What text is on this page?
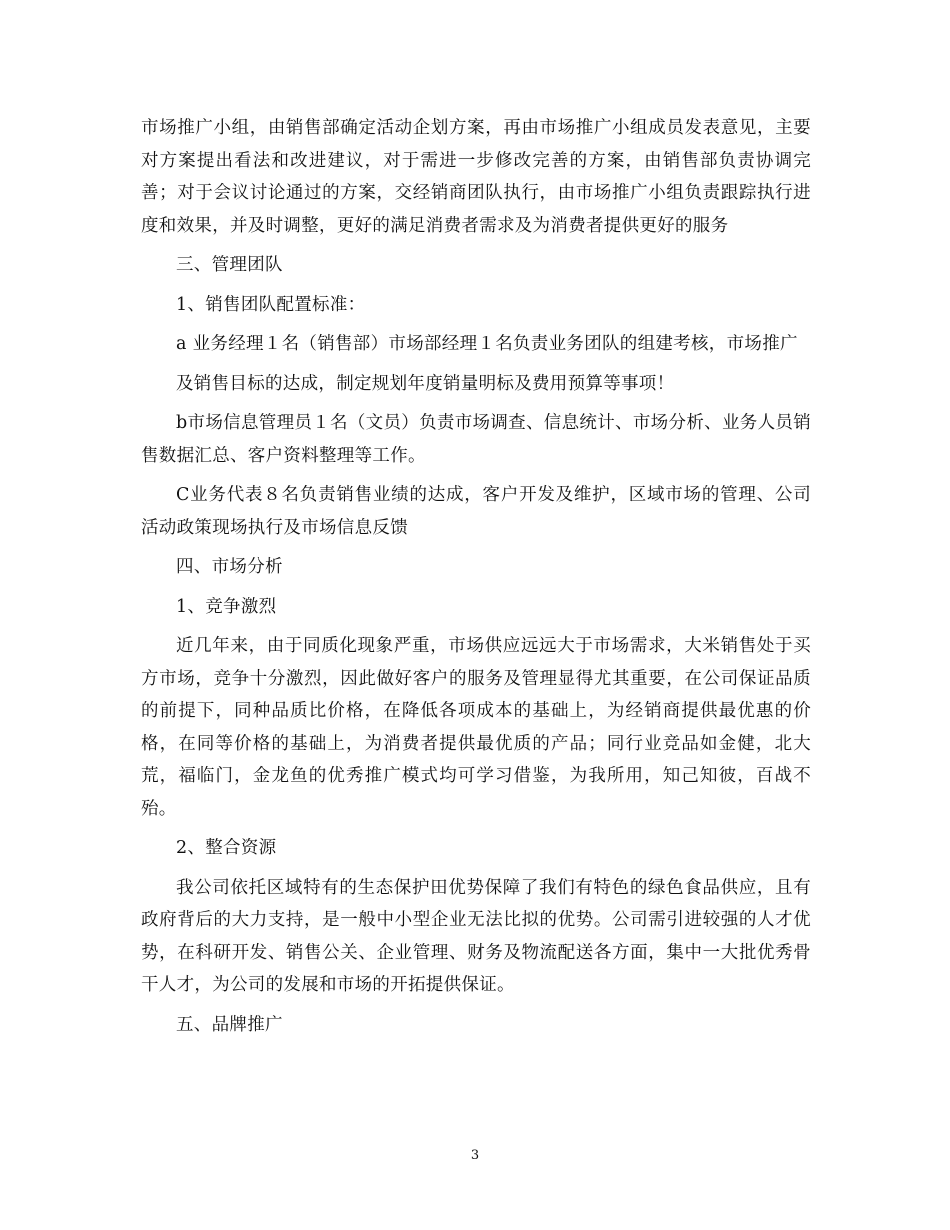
市场推广小组，由销售部确定活动企划方案，再由市场推广小组成员发表意见，主要对方案提出看法和改进建议，对于需进一步修改完善的方案，由销售部负责协调完善；对于会议讨论通过的方案，交经销商团队执行，由市场推广小组负责跟踪执行进度和效果，并及时调整，更好的满足消费者需求及为消费者提供更好的服务

三、管理团队

1、销售团队配置标准：

a 业务经理１名（销售部）市场部经理１名负责业务团队的组建考核，市场推广

及销售目标的达成，制定规划年度销量明标及费用预算等事项！

b市场信息管理员１名（文员）负责市场调查、信息统计、市场分析、业务人员销售数据汇总、客户资料整理等工作。

C业务代表８名负责销售业绩的达成，客户开发及维护，区域市场的管理、公司活动政策现场执行及市场信息反馈

四、市场分析

1、竞争激烈

近几年来，由于同质化现象严重，市场供应远远大于市场需求，大米销售处于买方市场，竞争十分激烈，因此做好客户的服务及管理显得尤其重要，在公司保证品质的前提下，同种品质比价格，在降低各项成本的基础上，为经销商提供最优惠的价格，在同等价格的基础上，为消费者提供最优质的产品；同行业竞品如金健，北大荒，福临门，金龙鱼的优秀推广模式均可学习借鉴，为我所用，知己知彼，百战不殆。

2、整合资源

我公司依托区域特有的生态保护田优势保障了我们有特色的绿色食品供应，且有政府背后的大力支持，是一般中小型企业无法比拟的优势。公司需引进较强的人才优势，在科研开发、销售公关、企业管理、财务及物流配送各方面，集中一大批优秀骨干人才，为公司的发展和市场的开拓提供保证。

五、品牌推广

3
